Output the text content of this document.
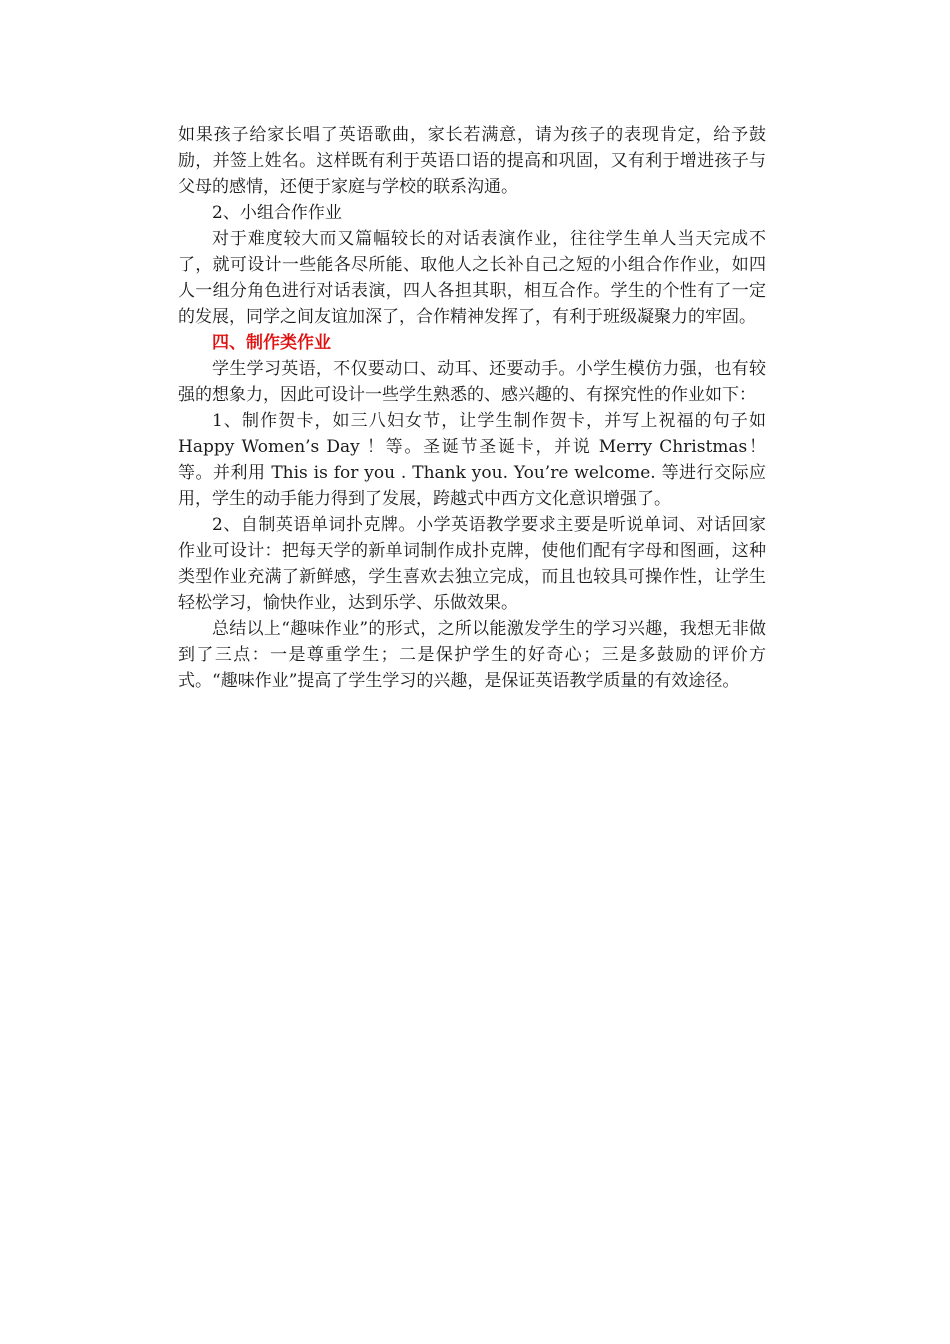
如果孩子给家长唱了英语歌曲，家长若满意，请为孩子的表现肯定，给予鼓励，并签上姓名。这样既有利于英语口语的提高和巩固，又有利于增进孩子与父母的感情，还便于家庭与学校的联系沟通。

2、小组合作作业

对于难度较大而又篇幅较长的对话表演作业，往往学生单人当天完成不了，就可设计一些能各尽所能、取他人之长补自己之短的小组合作作业，如四人一组分角色进行对话表演，四人各担其职，相互合作。学生的个性有了一定的发展，同学之间友谊加深了，合作精神发挥了，有利于班级凝聚力的牢固。

四、制作类作业

学生学习英语，不仅要动口、动耳、还要动手。小学生模仿力强，也有较强的想象力，因此可设计一些学生熟悉的、感兴趣的、有探究性的作业如下：

1、制作贺卡，如三八妇女节，让学生制作贺卡，并写上祝福的句子如 Happy Women’s Day ！等。圣诞节圣诞卡，并说 Merry Christmas！等。并利用 This is for you . Thank you. You’re welcome. 等进行交际应用，学生的动手能力得到了发展，跨越式中西方文化意识增强了。

2、自制英语单词扑克牌。小学英语教学要求主要是听说单词、对话回家作业可设计：把每天学的新单词制作成扑克牌，使他们配有字母和图画，这种类型作业充满了新鲜感，学生喜欢去独立完成，而且也较具可操作性，让学生轻松学习，愉快作业，达到乐学、乐做效果。

总结以上“趣味作业”的形式，之所以能激发学生的学习兴趣，我想无非做到了三点：一是尊重学生；二是保护学生的好奇心；三是多鼓励的评价方式。“趣味作业”提高了学生学习的兴趣，是保证英语教学质量的有效途径。
